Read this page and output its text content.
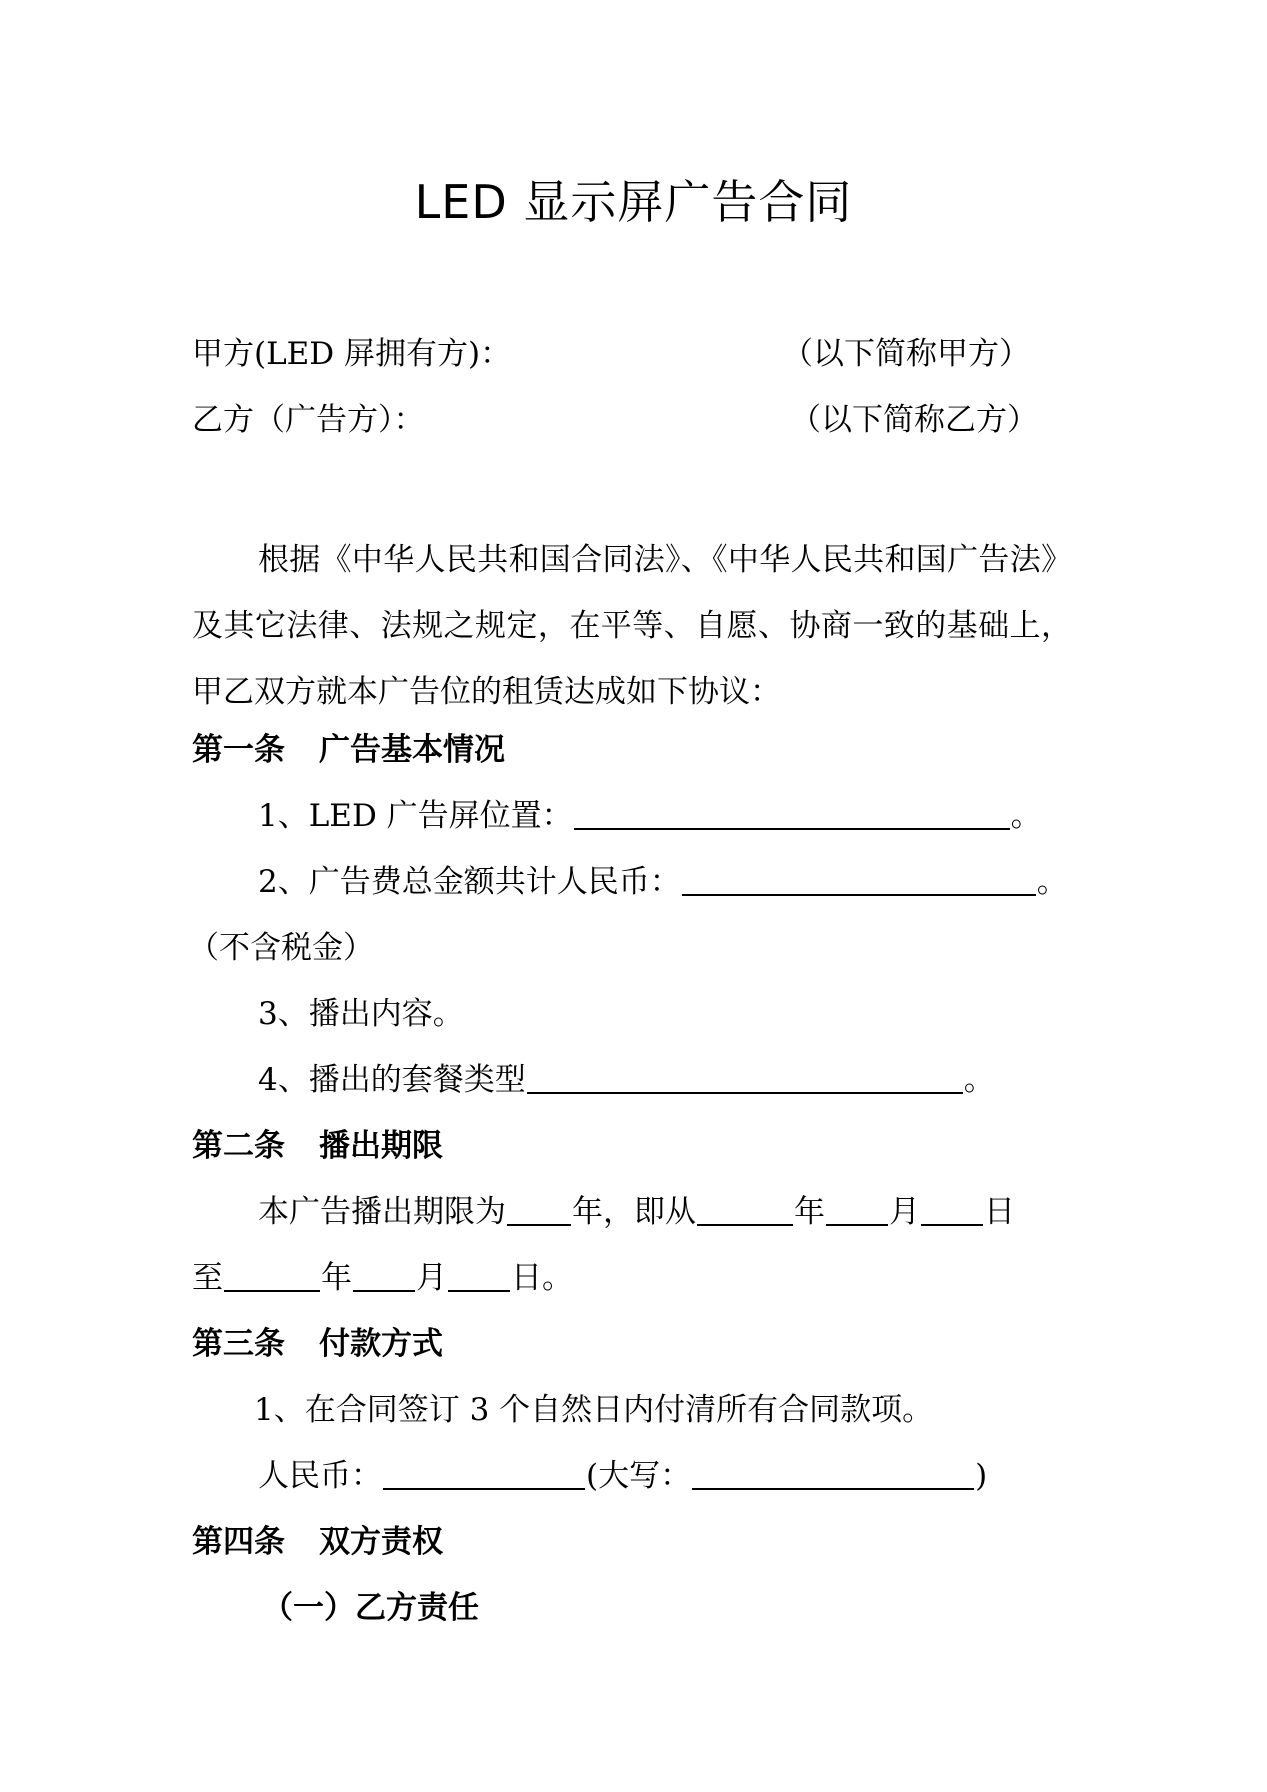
LED 显示屏广告合同
甲方(LED 屏拥有方)：	（以下简称甲方）
乙方（广告方）：	（以下简称乙方）
根据《中华人民共和国合同法》、《中华人民共和国广告法》及其它法律、法规之规定，在平等、自愿、协商一致的基础上，甲乙双方就本广告位的租赁达成如下协议：
第一条 广告基本情况
1、LED 广告屏位置：	。
2、广告费总金额共计人民币：	。
（不含税金）
3、播出内容。
4、播出的套餐类型	。
第二条 播出期限
本广告播出期限为 年，即从	年 月 日
至	年 月 日。
第三条 付款方式
1、在合同签订 3 个自然日内付清所有合同款项。
人民币：	(大写：	)
第四条 双方责权
（一）乙方责任
